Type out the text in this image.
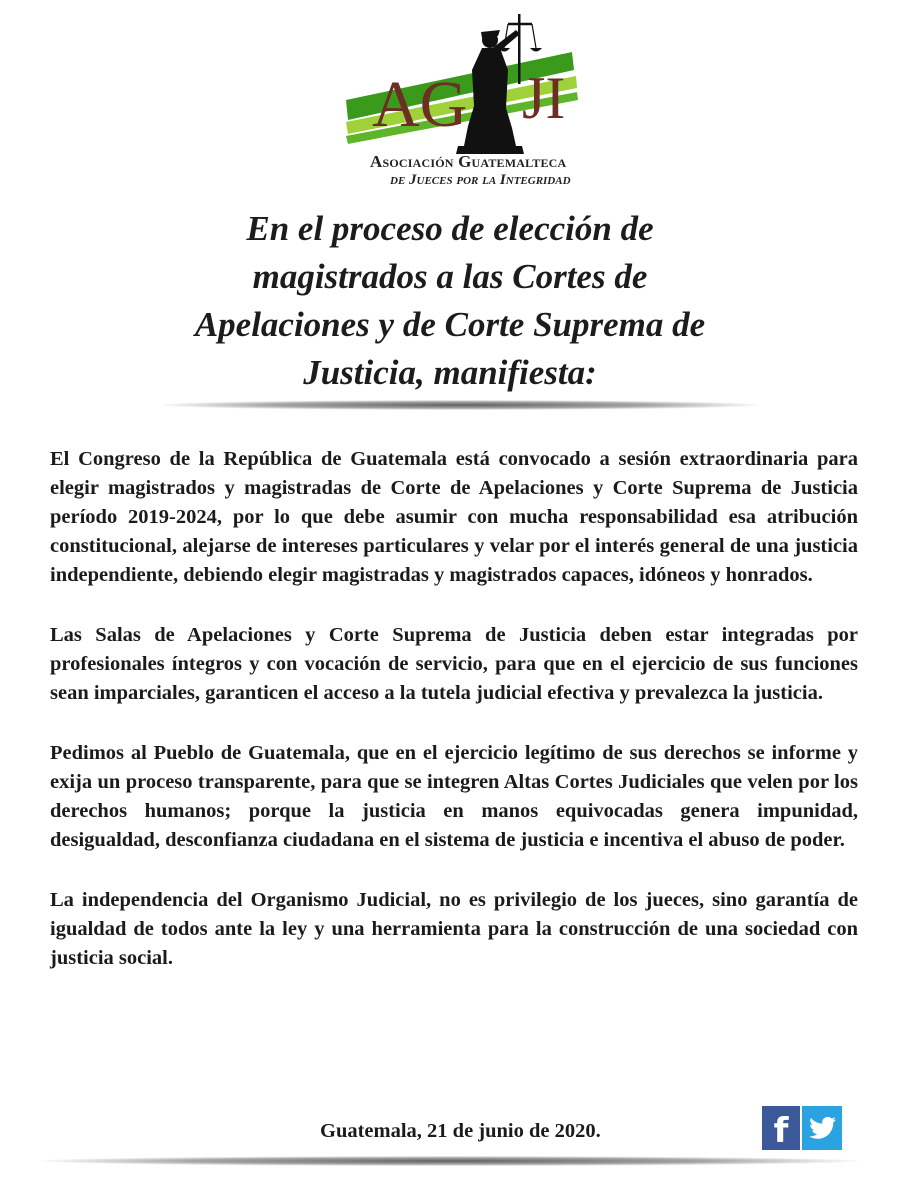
AG JI
Asociación Guatemalteca
de Jueces por la Integridad
En el proceso de elección de
magistrados a las Cortes de
Apelaciones y de Corte Suprema de
Justicia, manifiesta:

El Congreso de la República de Guatemala está convocado a sesión extraordinaria para elegir magistrados y magistradas de Corte de Apelaciones y Corte Suprema de Justicia período 2019-2024, por lo que debe asumir con mucha responsabilidad esa atribución constitucional, alejarse de intereses particulares y velar por el interés general de una justicia independiente, debiendo elegir magistradas y magistrados capaces, idóneos y honrados.

Las Salas de Apelaciones y Corte Suprema de Justicia deben estar integradas por profesionales íntegros y con vocación de servicio, para que en el ejercicio de sus funciones sean imparciales, garanticen el acceso a la tutela judicial efectiva y prevalezca la justicia.

Pedimos al Pueblo de Guatemala, que en el ejercicio legítimo de sus derechos se informe y exija un proceso transparente, para que se integren Altas Cortes Judiciales que velen por los derechos humanos; porque la justicia en manos equivocadas genera impunidad, desigualdad, desconfianza ciudadana en el sistema de justicia e incentiva el abuso de poder.

La independencia del Organismo Judicial, no es privilegio de los jueces, sino garantía de igualdad de todos ante la ley y una herramienta para la construcción de una sociedad con justicia social.

Guatemala, 21 de junio de 2020.	f
